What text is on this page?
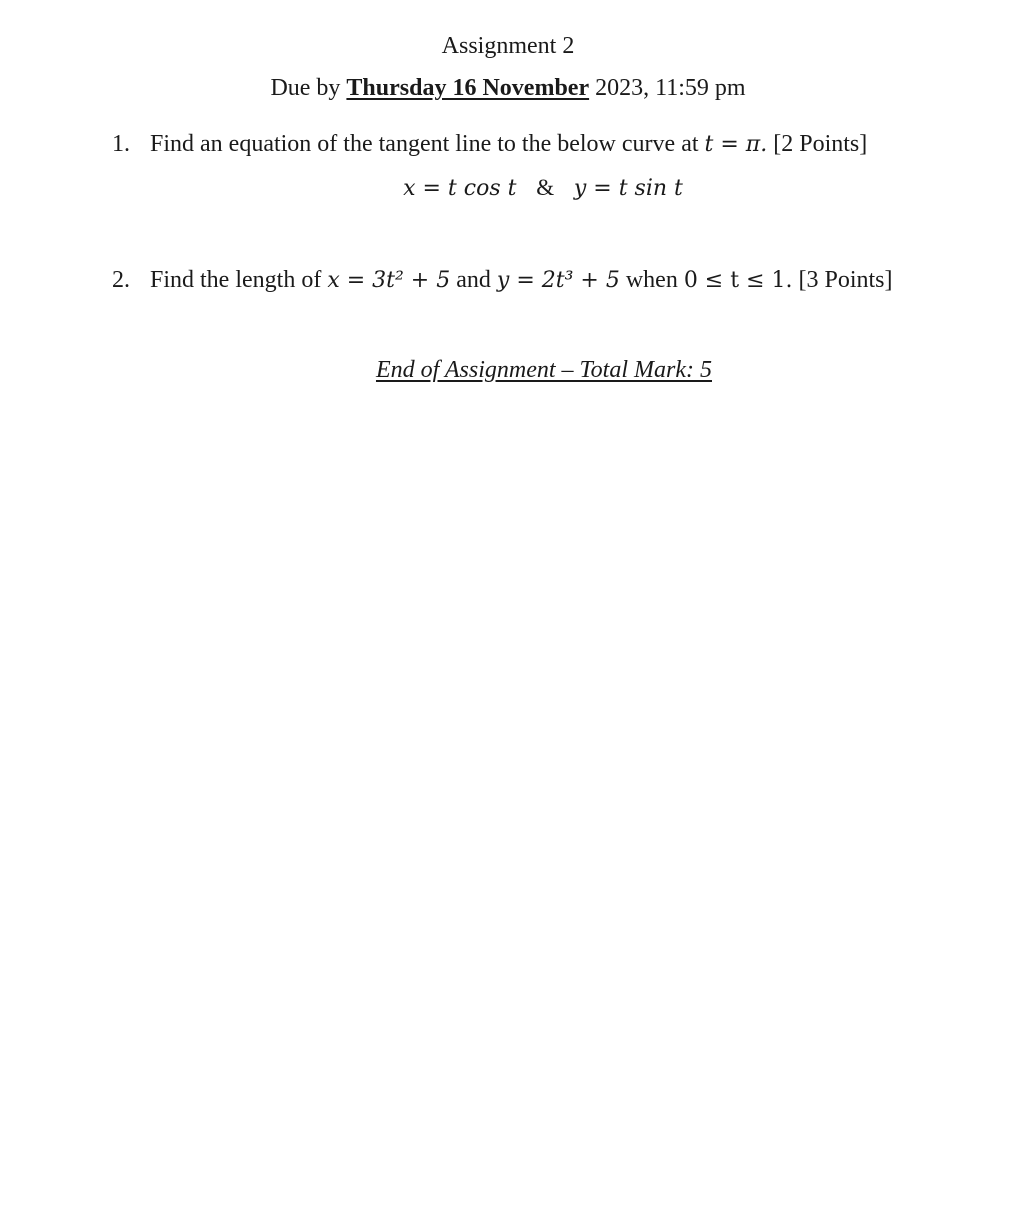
Assignment 2
Due by Thursday 16 November 2023, 11:59 pm
1. Find an equation of the tangent line to the below curve at t = π. [2 Points]
x = t cos t & y = t sin t
2. Find the length of x = 3t² + 5 and y = 2t³ + 5 when 0 ≤ t ≤ 1. [3 Points]
End of Assignment – Total Mark: 5
